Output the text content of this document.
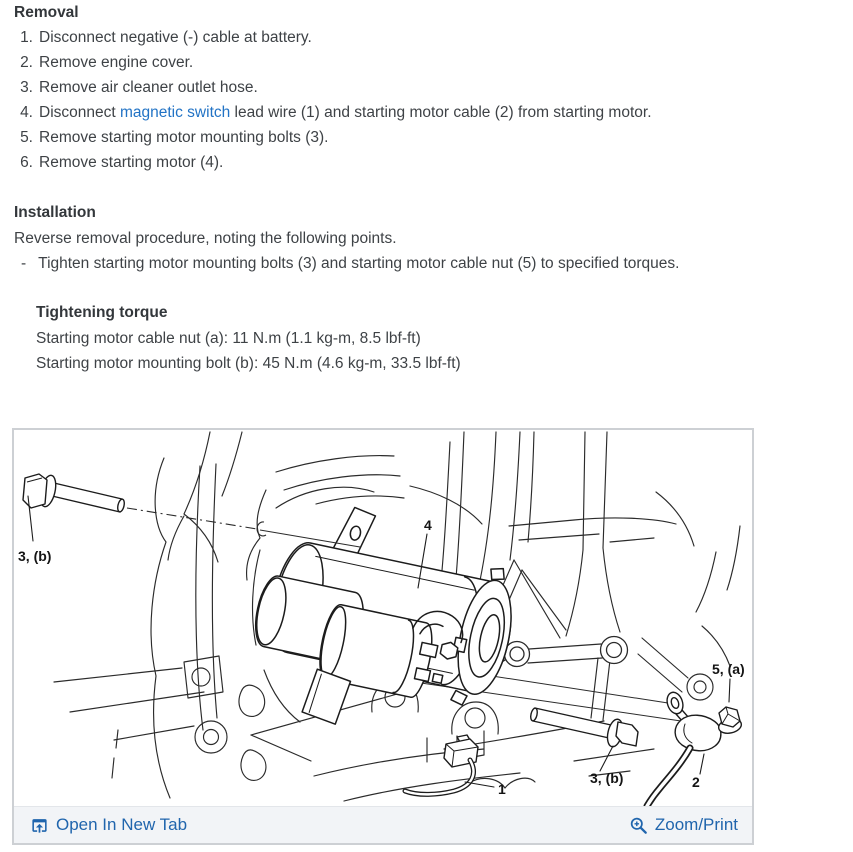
Removal
1. Disconnect negative (-) cable at battery.
2. Remove engine cover.
3. Remove air cleaner outlet hose.
4. Disconnect magnetic switch lead wire (1) and starting motor cable (2) from starting motor.
5. Remove starting motor mounting bolts (3).
6. Remove starting motor (4).
Installation
Reverse removal procedure, noting the following points.
- Tighten starting motor mounting bolts (3) and starting motor cable nut (5) to specified torques.
Tightening torque
Starting motor cable nut (a): 11 N.m (1.1 kg-m, 8.5 lbf-ft)
Starting motor mounting bolt (b): 45 N.m (4.6 kg-m, 33.5 lbf-ft)
3, (b)
4
5, (a)
3, (b)
1	2
Open In New Tab	Zoom/Print
